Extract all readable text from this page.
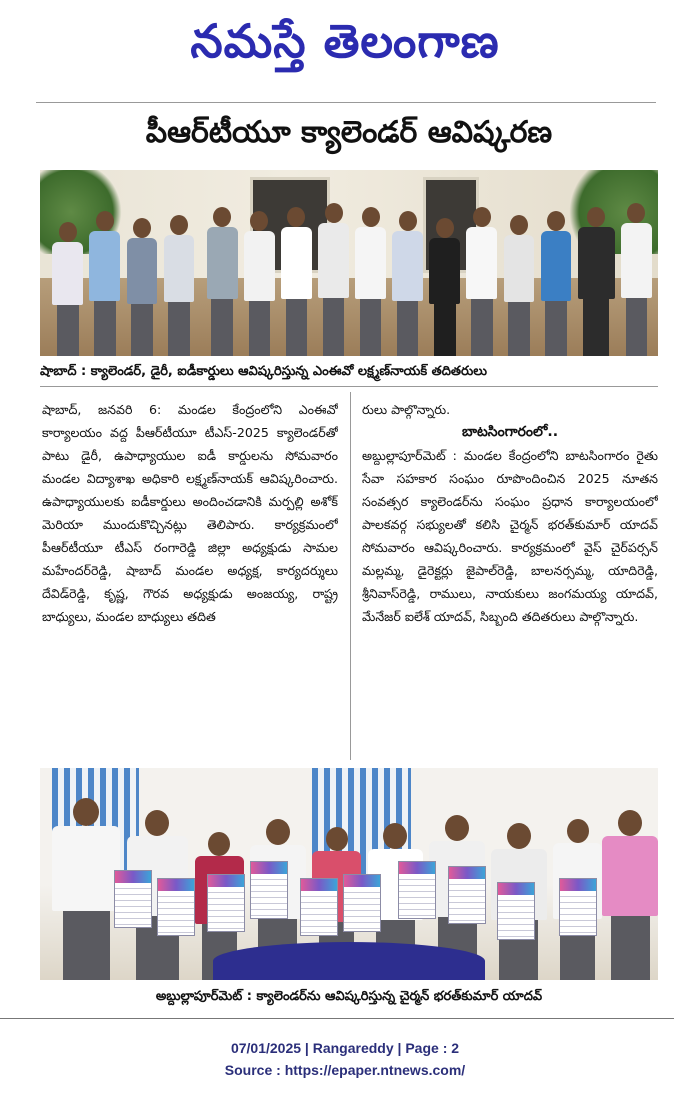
నమస్తే తెలంగాణ
పీఆర్‌టీయూ క్యాలెండర్ ఆవిష్కరణ
షాబాద్ : క్యాలెండర్, డైరీ, ఐడీకార్డులు ఆవిష్కరిస్తున్న ఎంఈవో లక్ష్మణ్‌నాయక్ తదితరులు

షాబాద్, జనవరి 6: మండల కేంద్రంలోని ఎంఈవో కార్యాలయం వద్ద పీఆర్‌టీయూ టీఎస్-2025 క్యాలెండర్‌తో పాటు డైరీ, ఉపాధ్యాయుల ఐడీ కార్డులను సోమవారం మండల విద్యాశాఖ అధికారి లక్ష్మణ్‌నాయక్ ఆవిష్కరించారు. ఉపాధ్యాయులకు ఐడీకార్డులు అందించడానికి మర్పల్లి అశోక్ మెరియా ముందుకొచ్చినట్లు తెలిపారు. కార్యక్రమంలో పీఆర్‌టీయూ టీఎస్ రంగారెడ్డి జిల్లా అధ్యక్షుడు సామల మహేందర్‌రెడ్డి, షాబాద్ మండల అధ్యక్ష, కార్యదర్శులు దేవిడ్‌రెడ్డి, కృష్ణ, గౌరవ అధ్యక్షుడు అంజయ్య, రాష్ట్ర బాధ్యులు, మండల బాధ్యులు తదిత

రులు పాల్గొన్నారు.

బాటసింగారంలో..

అబ్దుల్లాపూర్‌మెట్ : మండల కేంద్రంలోని బాటసింగారం రైతు సేవా సహకార సంఘం రూపొందించిన 2025 నూతన సంవత్సర క్యాలెండర్‌ను సంఘం ప్రధాన కార్యాలయంలో పాలకవర్గ సభ్యులతో కలిసి చైర్మన్ భరత్‌కుమార్ యాదవ్ సోమవారం ఆవిష్కరించారు. కార్యక్రమంలో వైస్ చైర్‌పర్సన్ మల్లమ్మ, డైరెక్టర్లు జైపాల్‌రెడ్డి, బాలనర్సమ్మ, యాదిరెడ్డి, శ్రీనివాస్‌రెడ్డి, రాములు, నాయకులు జంగమయ్య యాదవ్, మేనేజర్ ఐలేశ్ యాదవ్, సిబ్బంది తదితరులు పాల్గొన్నారు.

అబ్దుల్లాపూర్‌మెట్ : క్యాలెండర్‌ను ఆవిష్కరిస్తున్న చైర్మన్ భరత్‌కుమార్ యాదవ్
07/01/2025 | Rangareddy | Page : 2
Source : https://epaper.ntnews.com/
